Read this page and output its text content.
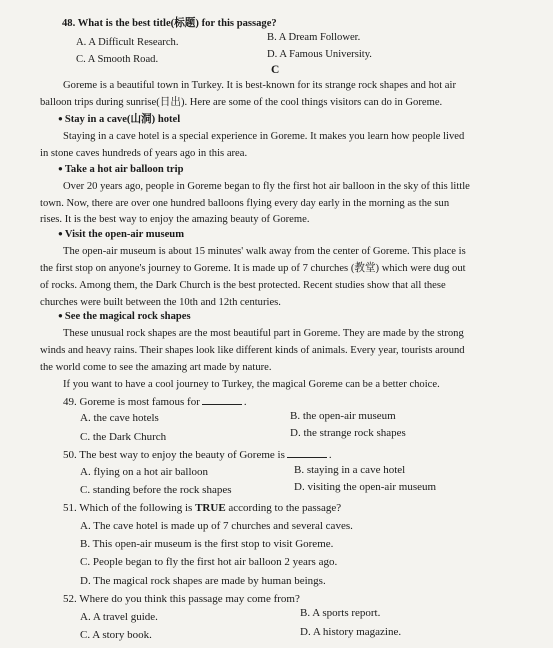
48. What is the best title(标题) for this passage?

A. A Difficult Research.	B. A Dream Follower.

C. A Smooth Road.	D. A Famous University.

C

Goreme is a beautiful town in Turkey. It is best-known for its strange rock shapes and hot air

balloon trips during sunrise(日出). Here are some of the cool things visitors can do in Goreme.

● Stay in a cave(山洞) hotel

Staying in a cave hotel is a special experience in Goreme. It makes you learn how people lived

in stone caves hundreds of years ago in this area.

● Take a hot air balloon trip

Over 20 years ago, people in Goreme began to fly the first hot air balloon in the sky of this little

town. Now, there are over one hundred balloons flying every day early in the morning as the sun

rises. It is the best way to enjoy the amazing beauty of Goreme.

● Visit the open-air museum

The open-air museum is about 15 minutes' walk away from the center of Goreme. This place is

the first stop on anyone's journey to Goreme. It is made up of 7 churches (教堂) which were dug out

of rocks. Among them, the Dark Church is the best protected. Recent studies show that all these

churches were built between the 10th and 12th centuries.

● See the magical rock shapes

These unusual rock shapes are the most beautiful part in Goreme. They are made by the strong

winds and heavy rains. Their shapes look like different kinds of animals. Every year, tourists around

the world come to see the amazing art made by nature.

If you want to have a cool journey to Turkey, the magical Goreme can be a better choice.

49. Goreme is most famous for	.

A. the cave hotels	B. the open-air museum

C. the Dark Church	D. the strange rock shapes

50. The best way to enjoy the beauty of Goreme is	.

A. flying on a hot air balloon	B. staying in a cave hotel

C. standing before the rock shapes	D. visiting the open-air museum

51. Which of the following is TRUE according to the passage?

A. The cave hotel is made up of 7 churches and several caves.

B. This open-air museum is the first stop to visit Goreme.

C. People began to fly the first hot air balloon 2 years ago.

D. The magical rock shapes are made by human beings.

52. Where do you think this passage may come from?

A. A travel guide.	B. A sports report.

C. A story book.	D. A history magazine.
